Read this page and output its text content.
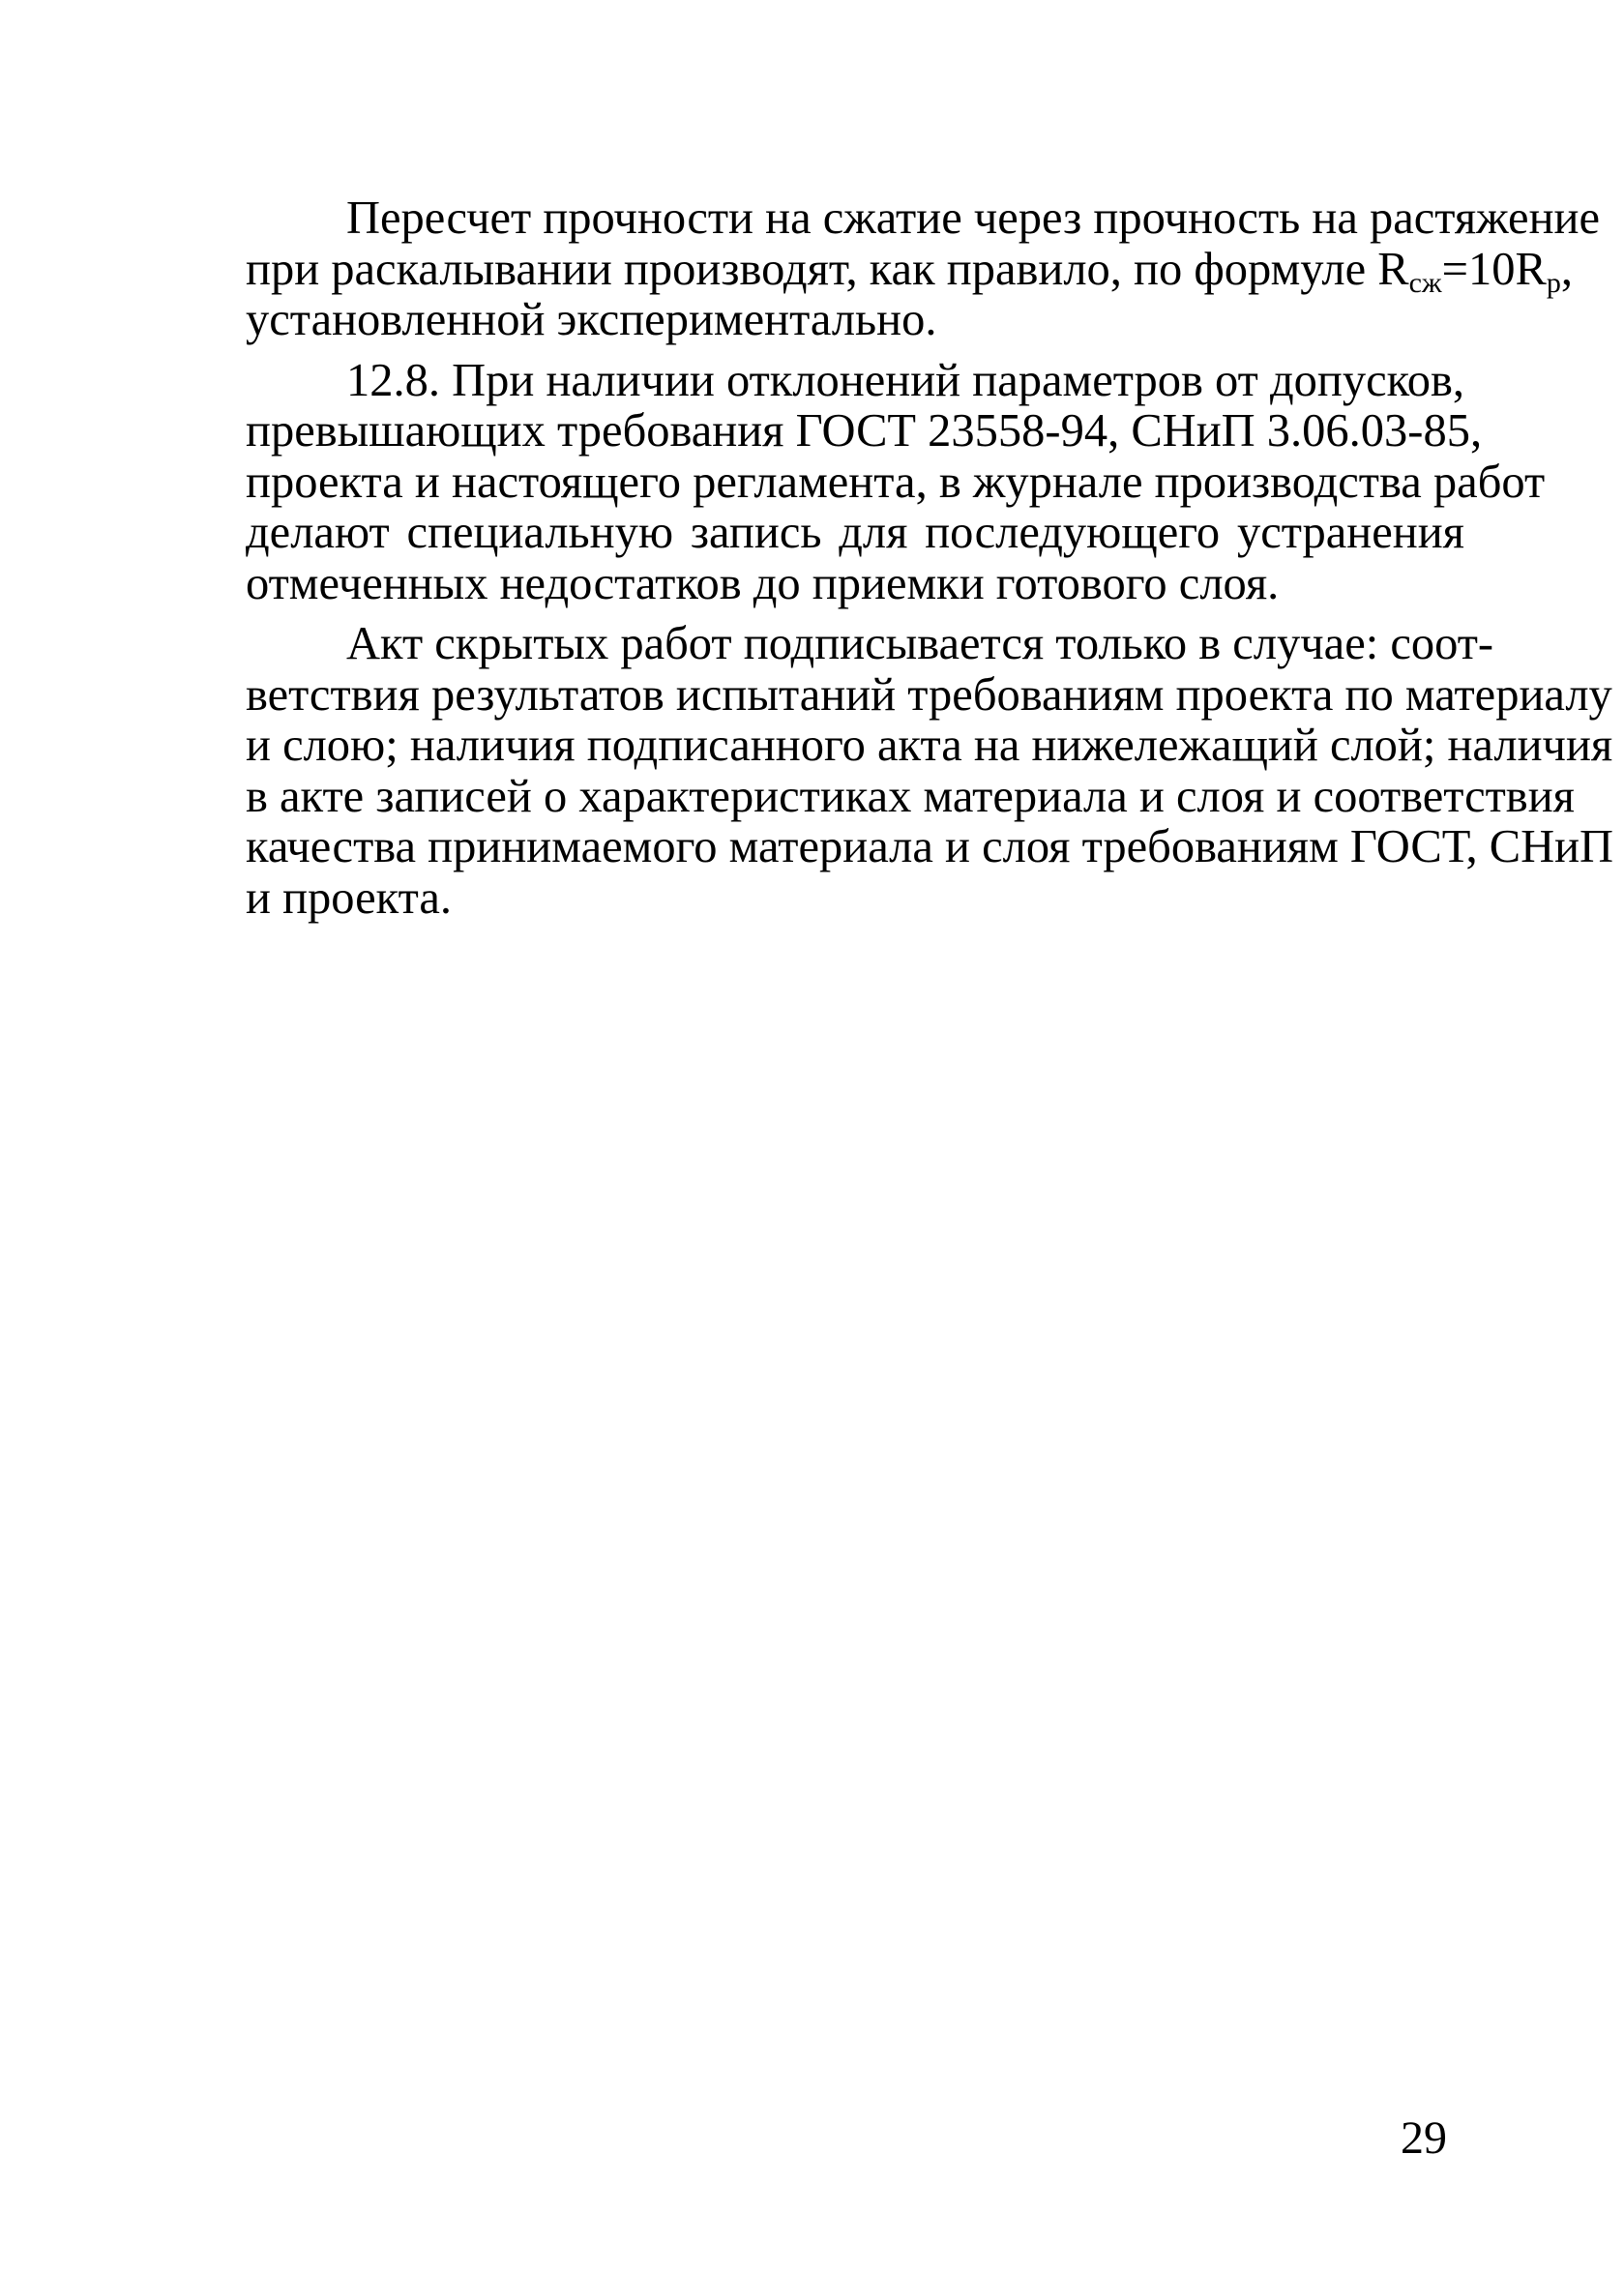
Пересчет прочности на сжатие через прочность на растяжение
при раскалывании производят, как правило, по формуле $R_{сж}=10R_р$,
установленной экспериментально.
12.8. При наличии отклонений параметров от допусков,
превышающих требования ГОСТ 23558-94, СНиП 3.06.03-85,
проекта и настоящего регламента, в журнале производства работ
делают специальную запись для последующего устранения
отмеченных недостатков до приемки готового слоя.
Акт скрытых работ подписывается только в случае: соот-
ветствия результатов испытаний требованиям проекта по материалу
и слою; наличия подписанного акта на нижележащий слой; наличия
в акте записей о характеристиках материала и слоя и соответствия
качества принимаемого материала и слоя требованиям ГОСТ, СНиП
и проекта.
29
